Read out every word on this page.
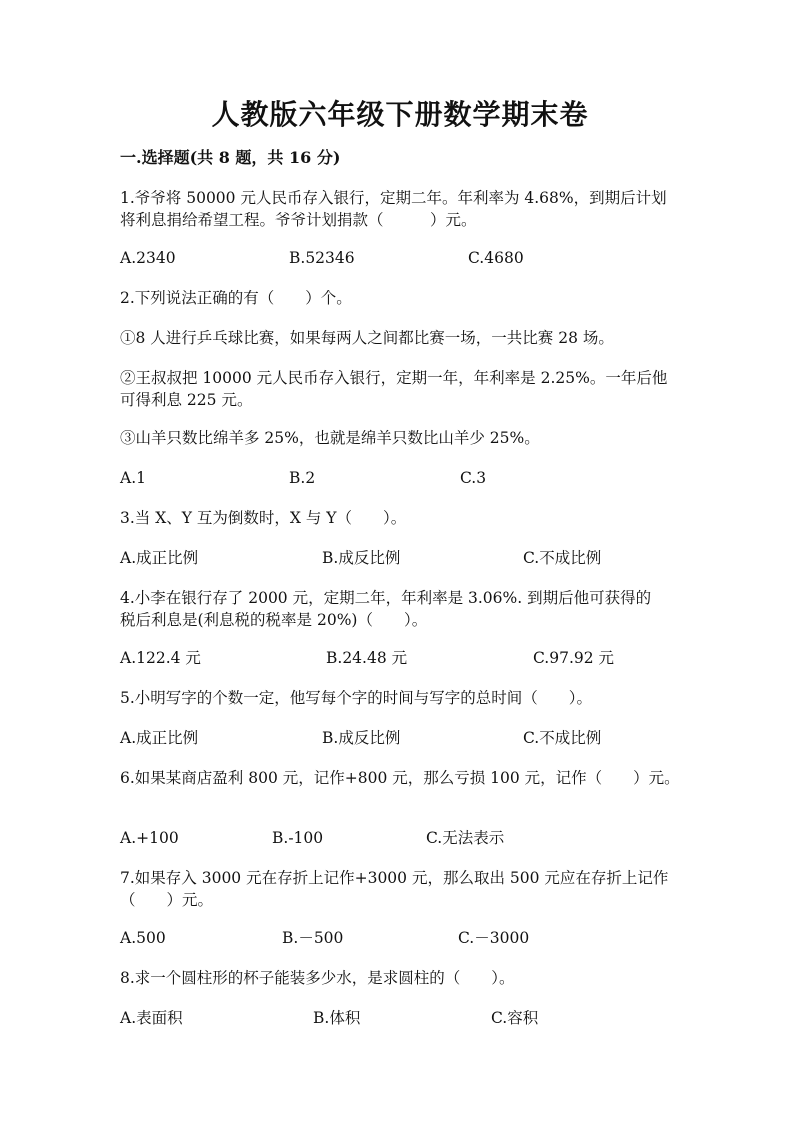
人教版六年级下册数学期末卷
一.选择题(共 8 题，共 16 分)
1.爷爷将 50000 元人民币存入银行，定期二年。年利率为 4.68%，到期后计划
将利息捐给希望工程。爷爷计划捐款（　　　）元。
A.2340	B.52346	C.4680
2.下列说法正确的有（　　）个。
①8 人进行乒乓球比赛，如果每两人之间都比赛一场，一共比赛 28 场。
②王叔叔把 10000 元人民币存入银行，定期一年，年利率是 2.25%。一年后他
可得利息 225 元。
③山羊只数比绵羊多 25%，也就是绵羊只数比山羊少 25%。
A.1	B.2	C.3
3.当 X、Y 互为倒数时，X 与 Y（　　）。
A.成正比例	B.成反比例	C.不成比例
4.小李在银行存了 2000 元，定期二年，年利率是 3.06%. 到期后他可获得的
税后利息是(利息税的税率是 20%)（　　）。
A.122.4 元	B.24.48 元	C.97.92 元
5.小明写字的个数一定，他写每个字的时间与写字的总时间（　　）。
A.成正比例	B.成反比例	C.不成比例
6.如果某商店盈利 800 元，记作+800 元，那么亏损 100 元，记作（　　）元。
A.+100	B.-100	C.无法表示
7.如果存入 3000 元在存折上记作+3000 元，那么取出 500 元应在存折上记作
（　　）元。
A.500	B.－500	C.－3000
8.求一个圆柱形的杯子能装多少水，是求圆柱的（　　）。
A.表面积	B.体积	C.容积
